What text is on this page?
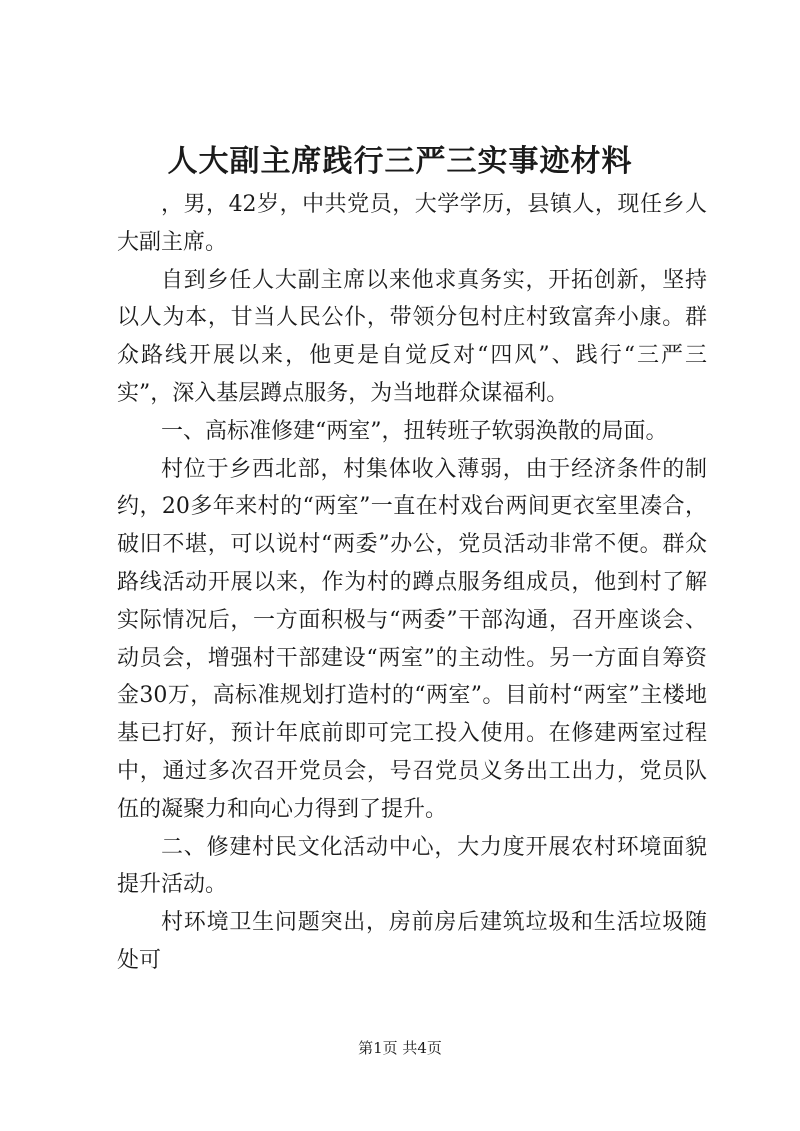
人大副主席践行三严三实事迹材料

，男，42岁，中共党员，大学学历，县镇人，现任乡人大副主席。

自到乡任人大副主席以来他求真务实，开拓创新，坚持以人为本，甘当人民公仆，带领分包村庄村致富奔小康。群众路线开展以来，他更是自觉反对“四风”、践行“三严三实”，深入基层蹲点服务，为当地群众谋福利。

一、高标准修建“两室”，扭转班子软弱涣散的局面。

村位于乡西北部，村集体收入薄弱，由于经济条件的制约，20多年来村的“两室”一直在村戏台两间更衣室里凑合，破旧不堪，可以说村“两委”办公，党员活动非常不便。群众路线活动开展以来，作为村的蹲点服务组成员，他到村了解实际情况后，一方面积极与“两委”干部沟通，召开座谈会、动员会，增强村干部建设“两室”的主动性。另一方面自筹资金30万，高标准规划打造村的“两室”。目前村“两室”主楼地基已打好，预计年底前即可完工投入使用。在修建两室过程中，通过多次召开党员会，号召党员义务出工出力，党员队伍的凝聚力和向心力得到了提升。

二、修建村民文化活动中心，大力度开展农村环境面貌提升活动。

村环境卫生问题突出，房前房后建筑垃圾和生活垃圾随处可

第1页 共4页
